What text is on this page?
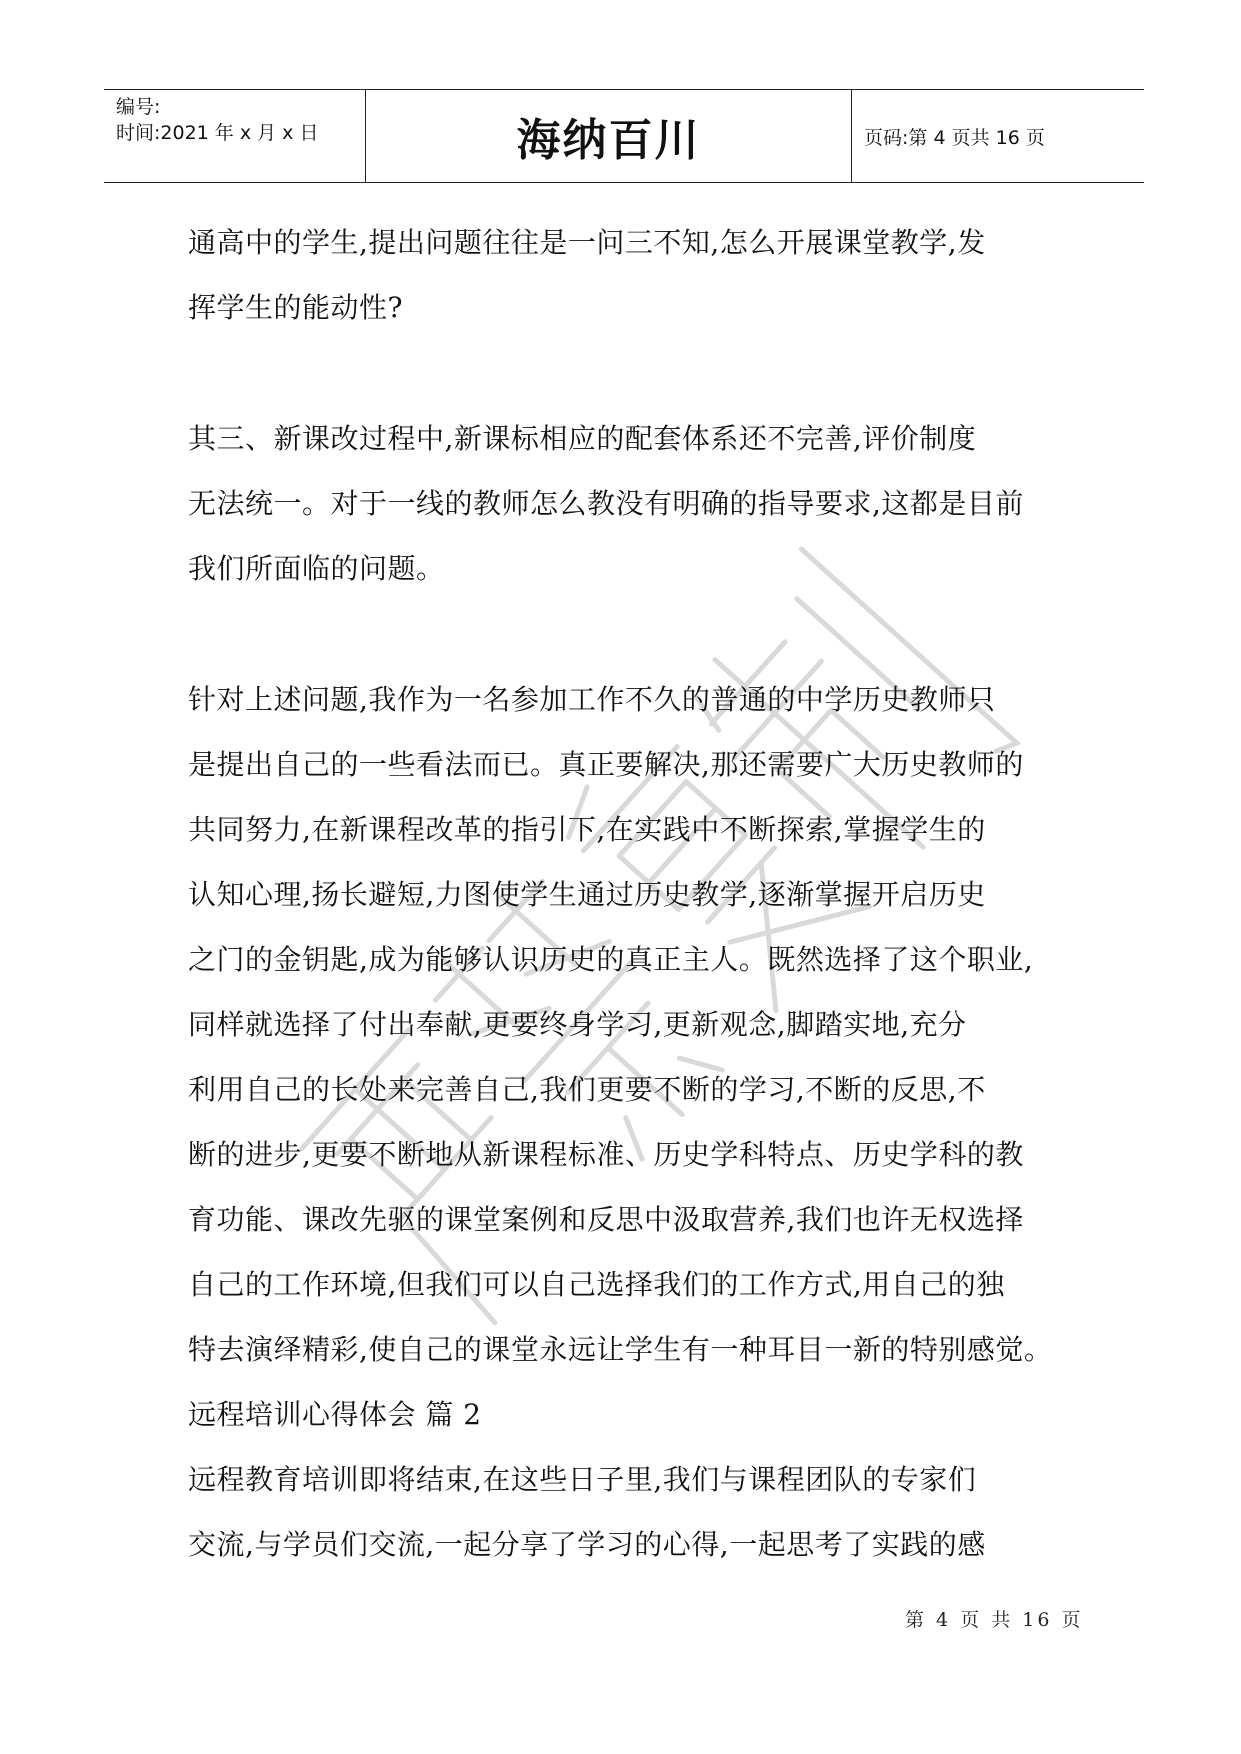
编号:
时间:2021 年 x 月 x 日	海纳百川	页码:第 4 页共 16 页
通高中的学生,提出问题往往是一问三不知,怎么开展课堂教学,发
挥学生的能动性?
其三、新课改过程中,新课标相应的配套体系还不完善,评价制度
无法统一。对于一线的教师怎么教没有明确的指导要求,这都是目前
我们所面临的问题。
针对上述问题,我作为一名参加工作不久的普通的中学历史教师只
是提出自己的一些看法而已。真正要解决,那还需要广大历史教师的
共同努力,在新课程改革的指引下,在实践中不断探索,掌握学生的
认知心理,扬长避短,力图使学生通过历史教学,逐渐掌握开启历史
之门的金钥匙,成为能够认识历史的真正主人。既然选择了这个职业,
同样就选择了付出奉献,更要终身学习,更新观念,脚踏实地,充分
利用自己的长处来完善自己,我们更要不断的学习,不断的反思,不
断的进步,更要不断地从新课程标准、历史学科特点、历史学科的教
育功能、课改先驱的课堂案例和反思中汲取营养,我们也许无权选择
自己的工作环境,但我们可以自己选择我们的工作方式,用自己的独
特去演绎精彩,使自己的课堂永远让学生有一种耳目一新的特别感觉。
远程培训心得体会 篇 2
远程教育培训即将结束,在这些日子里,我们与课程团队的专家们
交流,与学员们交流,一起分享了学习的心得,一起思考了实践的感
第 4 页 共 16 页
